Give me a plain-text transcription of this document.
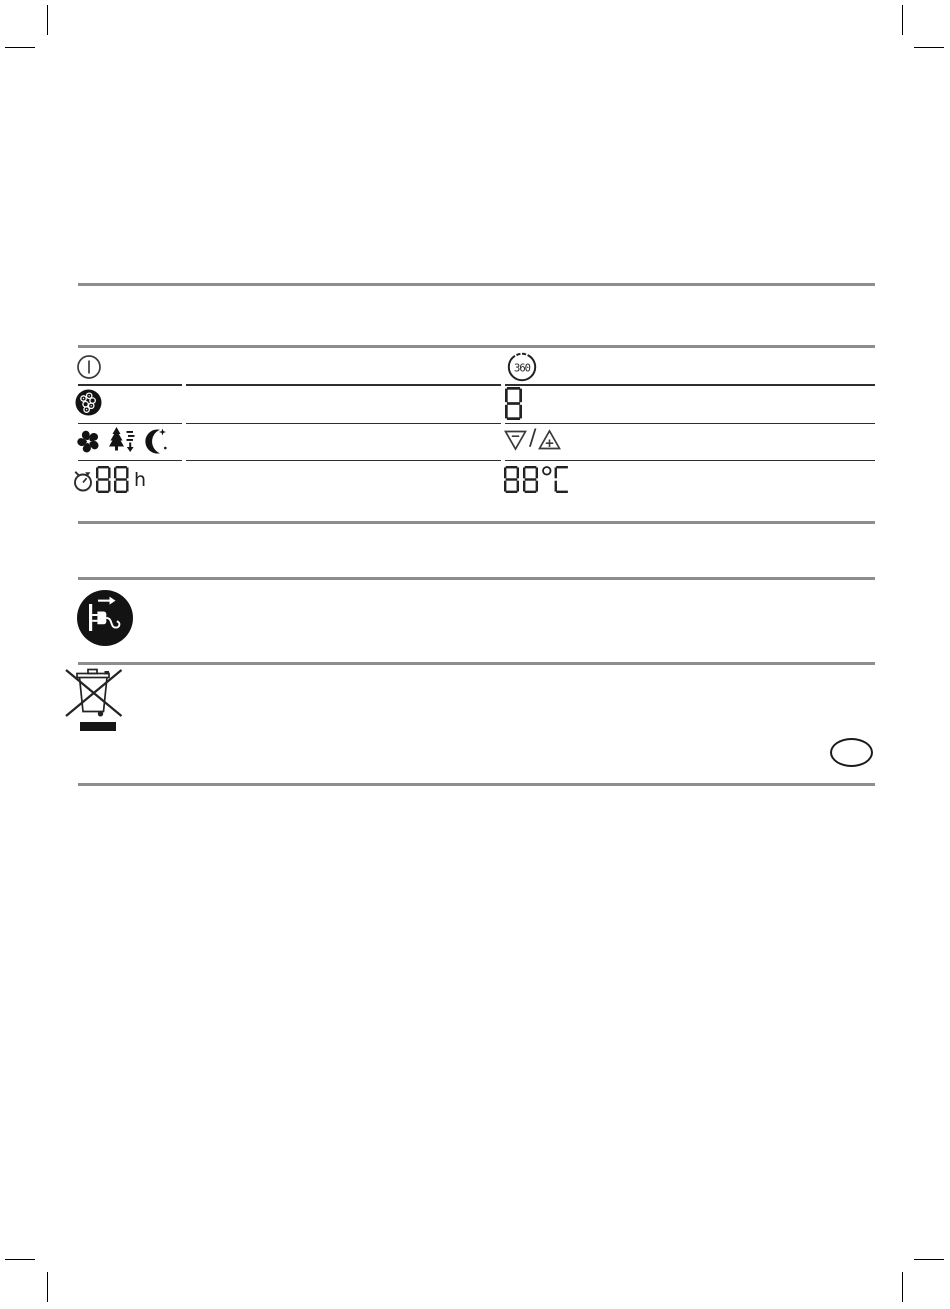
360
/
h
